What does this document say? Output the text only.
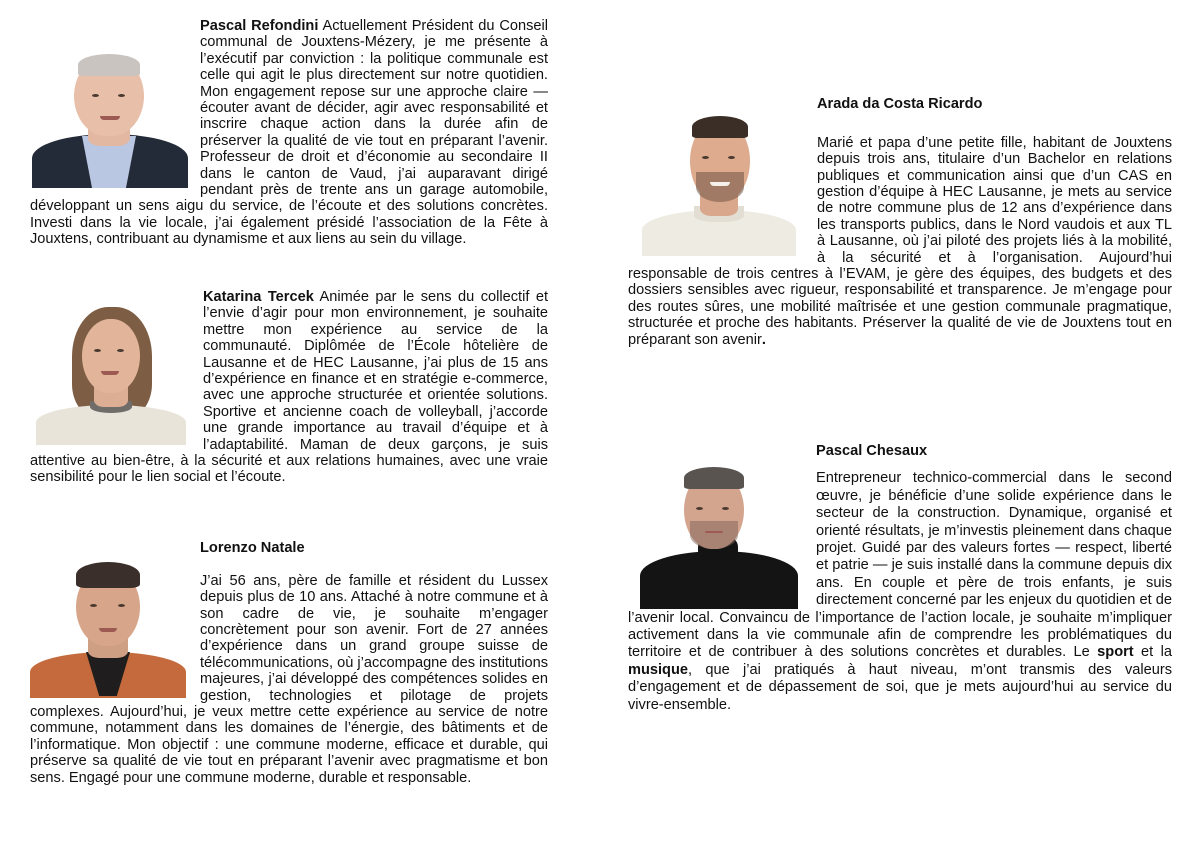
Pascal Refondini Actuellement Président du Conseil communal de Jouxtens-Mézery, je me présente à l’exécutif par conviction : la politique communale est celle qui agit le plus directement sur notre quotidien. Mon engagement repose sur une approche claire — écouter avant de décider, agir avec responsabilité et inscrire chaque action dans la durée afin de préserver la qualité de vie tout en préparant l’avenir. Professeur de droit et d’économie au secondaire II dans le canton de Vaud, j’ai auparavant dirigé pendant près de trente ans un garage automobile, développant un sens aigu du service, de l’écoute et des solutions concrètes. Investi dans la vie locale, j’ai également présidé l’association de la Fête à Jouxtens, contribuant au dynamisme et aux liens au sein du village.

Katarina Tercek Animée par le sens du collectif et l’envie d’agir pour mon environnement, je souhaite mettre mon expérience au service de la communauté. Diplômée de l’École hôtelière de Lausanne et de HEC Lausanne, j’ai plus de 15 ans d’expérience en finance et en stratégie e-commerce, avec une approche structurée et orientée solutions. Sportive et ancienne coach de volleyball, j’accorde une grande importance au travail d’équipe et à l’adaptabilité. Maman de deux garçons, je suis attentive au bien-être, à la sécurité et aux relations humaines, avec une vraie sensibilité pour le lien social et l’écoute.

Lorenzo Natale

J’ai 56 ans, père de famille et résident du Lussex depuis plus de 10 ans. Attaché à notre commune et à son cadre de vie, je souhaite m’engager concrètement pour son avenir. Fort de 27 années d’expérience dans un grand groupe suisse de télécommunications, où j’accompagne des institutions majeures, j’ai développé des compétences solides en gestion, technologies et pilotage de projets complexes. Aujourd’hui, je veux mettre cette expérience au service de notre commune, notamment dans les domaines de l’énergie, des bâtiments et de l’informatique. Mon objectif : une commune moderne, efficace et durable, qui préserve sa qualité de vie tout en préparant l’avenir avec pragmatisme et bon sens. Engagé pour une commune moderne, durable et responsable.

Arada da Costa Ricardo

Marié et papa d’une petite fille, habitant de Jouxtens depuis trois ans, titulaire d’un Bachelor en relations publiques et communication ainsi que d’un CAS en gestion d’équipe à HEC Lausanne, je mets au service de notre commune plus de 12 ans d’expérience dans les transports publics, dans le Nord vaudois et aux TL à Lausanne, où j’ai piloté des projets liés à la mobilité, à la sécurité et à l’organisation. Aujourd’hui responsable de trois centres à l’EVAM, je gère des équipes, des budgets et des dossiers sensibles avec rigueur, responsabilité et transparence. Je m’engage pour des routes sûres, une mobilité maîtrisée et une gestion communale pragmatique, structurée et proche des habitants. Préserver la qualité de vie de Jouxtens tout en préparant son avenir.

Pascal Chesaux

Entrepreneur technico-commercial dans le second œuvre, je bénéficie d’une solide expérience dans le secteur de la construction. Dynamique, organisé et orienté résultats, je m’investis pleinement dans chaque projet. Guidé par des valeurs fortes — respect, liberté et patrie — je suis installé dans la commune depuis dix ans. En couple et père de trois enfants, je suis directement concerné par les enjeux du quotidien et de l’avenir local. Convaincu de l’importance de l’action locale, je souhaite m’impliquer activement dans la vie communale afin de comprendre les problématiques du territoire et de contribuer à des solutions concrètes et durables. Le sport et la musique, que j’ai pratiqués à haut niveau, m’ont transmis des valeurs d’engagement et de dépassement de soi, que je mets aujourd’hui au service du vivre-ensemble.
